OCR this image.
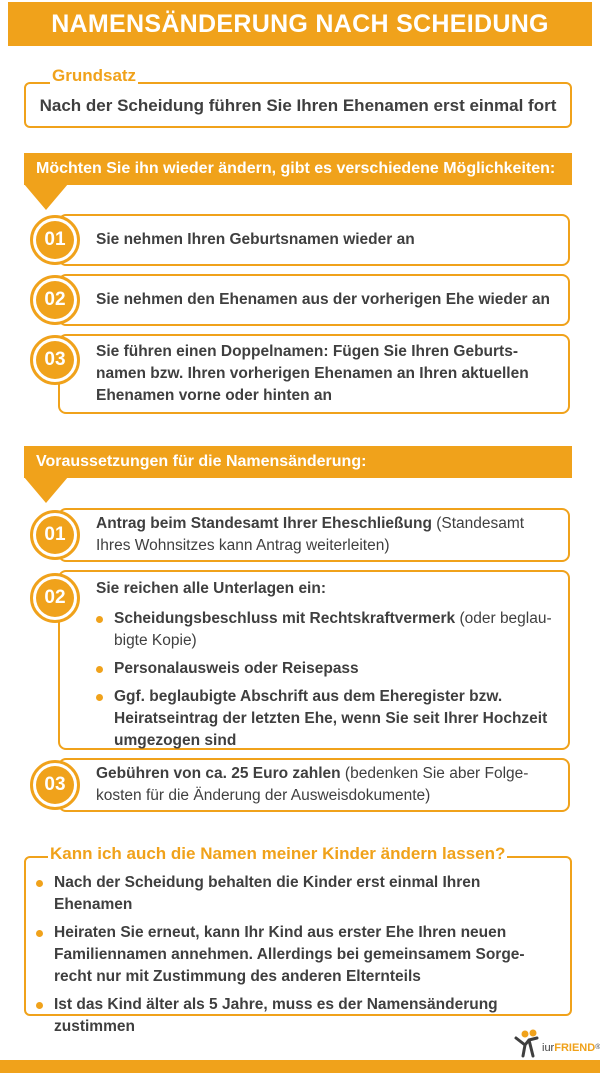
NAMENSÄNDERUNG NACH SCHEIDUNG
Nach der Scheidung führen Sie Ihren Ehenamen erst einmal fort
Grundsatz
Möchten Sie ihn wieder ändern, gibt es verschiedene Möglichkeiten:
01	Sie nehmen Ihren Geburtsnamen wieder an
02	Sie nehmen den Ehenamen aus der vorherigen Ehe wieder an
03	Sie führen einen Doppelnamen: Fügen Sie Ihren Geburts-namen bzw. Ihren vorherigen Ehenamen an Ihren aktuellen Ehenamen vorne oder hinten an
Voraussetzungen für die Namensänderung:
01
Antrag beim Standesamt Ihrer Eheschließung (Standesamt Ihres Wohnsitzes kann Antrag weiterleiten)
02	Sie reichen alle Unterlagen ein:
Scheidungsbeschluss mit Rechtskraftvermerk (oder beglau-bigte Kopie)
Personalausweis oder Reisepass
Ggf. beglaubigte Abschrift aus dem Eheregister bzw. Heiratseintrag der letzten Ehe, wenn Sie seit Ihrer Hochzeit umgezogen sind
03
Gebühren von ca. 25 Euro zahlen (bedenken Sie aber Folge-kosten für die Änderung der Ausweisdokumente)
Nach der Scheidung behalten die Kinder erst einmal Ihren Ehenamen
Heiraten Sie erneut, kann Ihr Kind aus erster Ehe Ihren neuen Familiennamen annehmen. Allerdings bei gemeinsamem Sorge-recht nur mit Zustimmung des anderen Elternteils
Ist das Kind älter als 5 Jahre, muss es der Namensänderung zustimmen
Kann ich auch die Namen meiner Kinder ändern lassen?
iurFRIEND®
